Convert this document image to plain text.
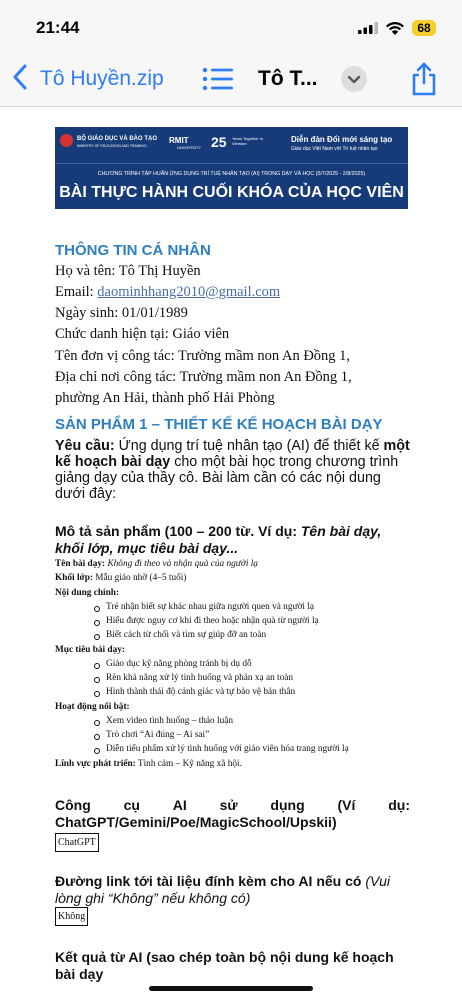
21:44	68
Tô Huyền.zip	Tô T...
BỘ GIÁO DỤC VÀ ĐÀO TẠO
MINISTRY OF EDUCATION AND TRAINING
RMIT
UNIVERSITY 25 Years Together in Vietnam	Diễn đàn Đổi mới sáng tạo
Giáo dục Việt Nam với Trí tuệ nhân tạo
CHƯƠNG TRÌNH TẬP HUẤN ỨNG DỤNG TRÍ TUỆ NHÂN TẠO (AI) TRONG DẠY VÀ HỌC (5/7/2025 - 2/8/2025)
BÀI THỰC HÀNH CUỐI KHÓA CỦA HỌC VIÊN
THÔNG TIN CÁ NHÂN
Họ và tên: Tô Thị Huyền
Email: daominhhang2010@gmail.com
Ngày sinh: 01/01/1989
Chức danh hiện tại: Giáo viên
Tên đơn vị công tác: Trường mầm non An Đồng 1,
Địa chỉ nơi công tác: Trường mầm non An Đồng 1,
phường An Hải, thành phố Hải Phòng
SẢN PHẨM 1 – THIẾT KẾ KẾ HOẠCH BÀI DẠY
Yêu cầu: Ứng dụng trí tuệ nhân tạo (AI) để thiết kế một kế hoạch bài dạy cho một bài học trong chương trình giảng dạy của thầy cô. Bài làm cần có các nội dung dưới đây:
Mô tả sản phẩm (100 – 200 từ. Ví dụ: Tên bài dạy, khối lớp, mục tiêu bài dạy...
Tên bài dạy: Không đi theo và nhận quà của người lạ
Khối lớp: Mẫu giáo nhỡ (4–5 tuổi)
Nội dung chính:
Trẻ nhận biết sự khác nhau giữa người quen và người lạ
Hiểu được nguy cơ khi đi theo hoặc nhận quà từ người lạ
Biết cách từ chối và tìm sự giúp đỡ an toàn
Mục tiêu bài dạy:
Giáo dục kỹ năng phòng tránh bị dụ dỗ
Rèn khả năng xử lý tình huống và phản xạ an toàn
Hình thành thái độ cảnh giác và tự bảo vệ bản thân
Hoạt động nổi bật:
Xem video tình huống – thảo luận
Trò chơi “Ai đúng – Ai sai”
Diễn tiểu phẩm xử lý tình huống với giáo viên hóa trang người lạ
Lĩnh vực phát triển: Tình cảm – Kỹ năng xã hội.
Công cụ AI sử dụng (Ví dụ:
ChatGPT/Gemini/Poe/MagicSchool/Upskii)
ChatGPT
Đường link tới tài liệu đính kèm cho AI nếu có (Vui lòng ghi “Không” nếu không có)
Không
Kết quả từ AI (sao chép toàn bộ nội dung kế hoạch bài dạy
